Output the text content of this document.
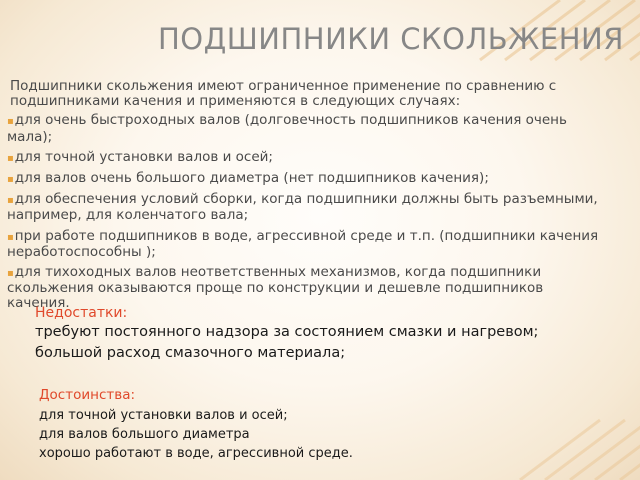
ПОДШИПНИКИ СКОЛЬЖЕНИЯ

Подшипники скольжения имеют ограниченное применение по сравнению с подшипниками качения и применяются в следующих случаях:

▪для очень быстроходных валов (долговечность подшипников качения очень мала);

▪для точной установки валов и осей;

▪для валов очень большого диаметра (нет подшипников качения);

▪для обеспечения условий сборки, когда подшипники должны быть разъемными, например, для коленчатого вала;

▪при работе подшипников в воде, агрессивной среде и т.п. (подшипники качения неработоспособны );

▪для тихоходных валов неответственных механизмов, когда подшипники скольжения оказываются проще по конструкции и дешевле подшипников качения.

Недостатки:

требуют постоянного надзора за состоянием смазки и нагревом;

большой расход смазочного материала;

Достоинства:

для точной установки валов и осей;

для валов большого диаметра

хорошо работают в воде, агрессивной среде.
